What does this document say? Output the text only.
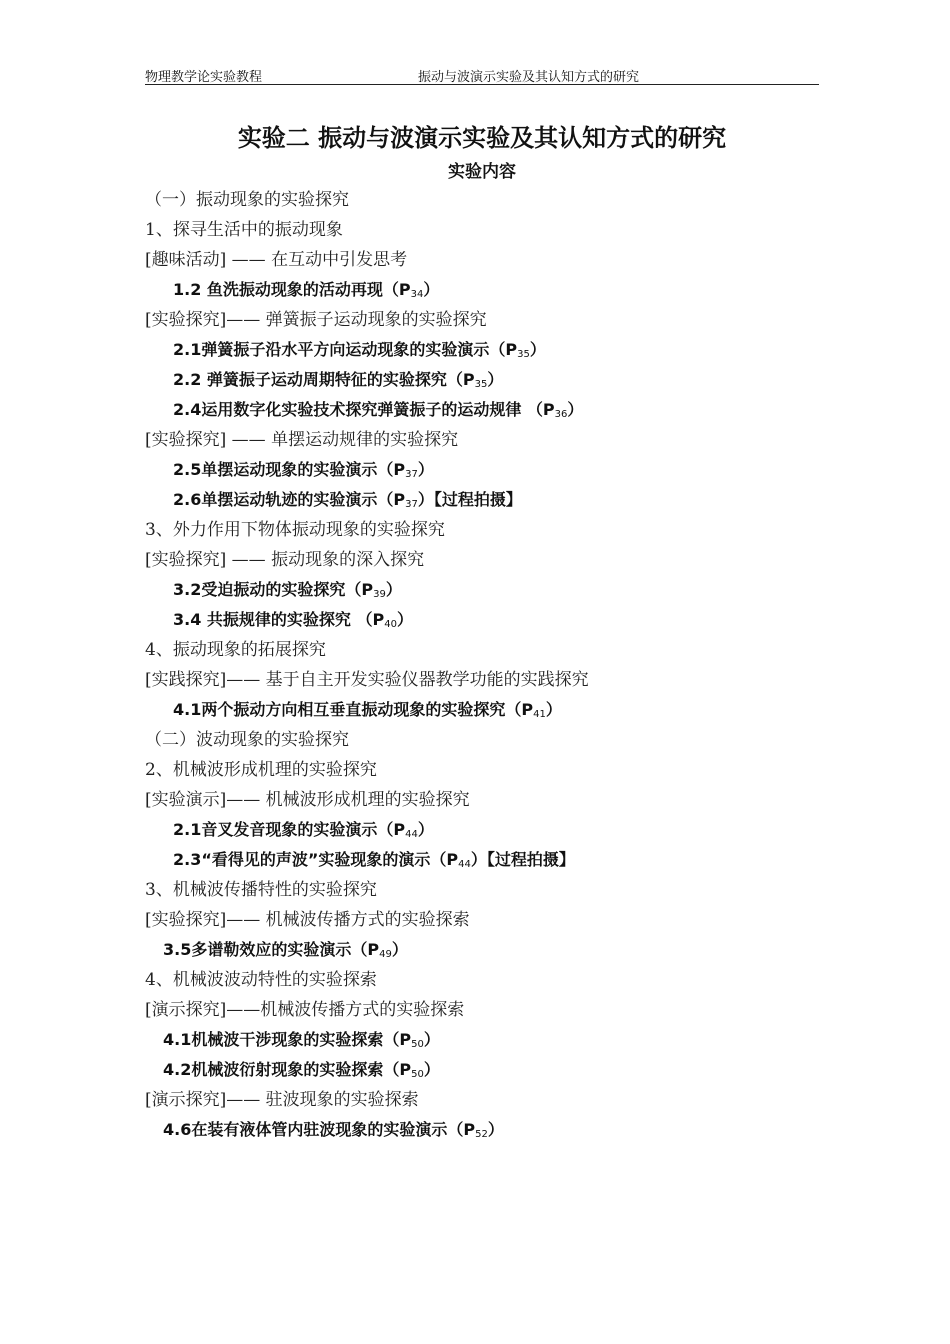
物理教学论实验教程	振动与波演示实验及其认知方式的研究
实验二 振动与波演示实验及其认知方式的研究
实验内容
（一）振动现象的实验探究
1、探寻生活中的振动现象
[趣味活动] —— 在互动中引发思考
1.2 鱼洗振动现象的活动再现$(P_{34})$
[实验探究]—— 弹簧振子运动现象的实验探究
2.1弹簧振子沿水平方向运动现象的实验演示$(P_{35})$
2.2 弹簧振子运动周期特征的实验探究$(P_{35})$
2.4运用数字化实验技术探究弹簧振子的运动规律 $(P_{36})$
[实验探究] —— 单摆运动规律的实验探究
2.5单摆运动现象的实验演示$(P_{37})$
2.6单摆运动轨迹的实验演示$(P_{37})$【过程拍摄】
3、外力作用下物体振动现象的实验探究
[实验探究] —— 振动现象的深入探究
3.2受迫振动的实验探究$(P_{39})$
3.4 共振规律的实验探究 $(P_{40})$
4、振动现象的拓展探究
[实践探究]—— 基于自主开发实验仪器教学功能的实践探究
4.1两个振动方向相互垂直振动现象的实验探究$(P_{41})$
（二）波动现象的实验探究
2、机械波形成机理的实验探究
[实验演示]—— 机械波形成机理的实验探究
2.1音叉发音现象的实验演示$(P_{44})$
2.3“看得见的声波”实验现象的演示$(P_{44})$【过程拍摄】
3、机械波传播特性的实验探究
[实验探究]—— 机械波传播方式的实验探索
3.5多谱勒效应的实验演示$(P_{49})$
4、机械波波动特性的实验探索
[演示探究]——机械波传播方式的实验探索
4.1机械波干涉现象的实验探索$(P_{50})$
4.2机械波衍射现象的实验探索$(P_{50})$
[演示探究]—— 驻波现象的实验探索
4.6在装有液体管内驻波现象的实验演示$(P_{52})$
